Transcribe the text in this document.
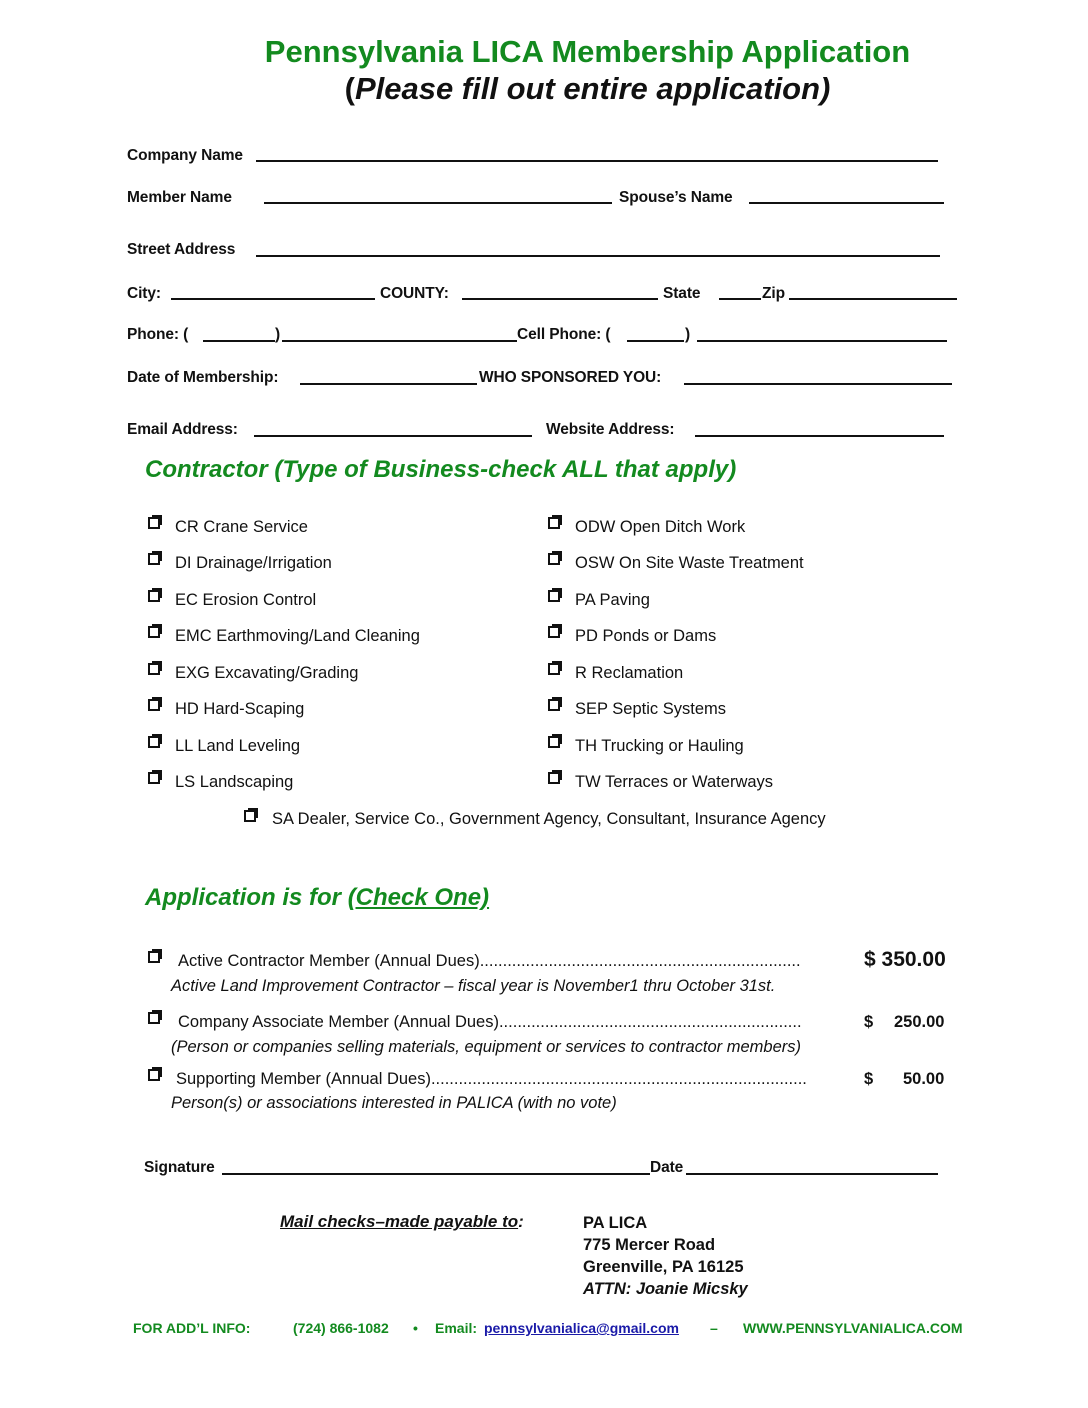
Pennsylvania LICA Membership Application
(Please fill out entire application)
Company Name
Member Name	Spouse’s Name
Street Address
City:	COUNTY:	State	Zip
Phone: (	)	Cell Phone: (	)
Date of Membership:	WHO SPONSORED YOU:
Email Address:	Website Address:
Contractor (Type of Business-check ALL that apply)
CR Crane Service
DI Drainage/Irrigation
EC Erosion Control
EMC Earthmoving/Land Cleaning
EXG Excavating/Grading
HD Hard-Scaping
LL Land Leveling
LS Landscaping
ODW Open Ditch Work
OSW On Site Waste Treatment
PA Paving
PD Ponds or Dams
R Reclamation
SEP Septic Systems
TH Trucking or Hauling
TW Terraces or Waterways
SA Dealer, Service Co., Government Agency, Consultant, Insurance Agency
Application is for (Check One)
Active Contractor Member (Annual Dues)......................................................................	$ 350.00
Active Land Improvement Contractor – fiscal year is November1 thru October 31st.
Company Associate Member (Annual Dues)..................................................................	$ 250.00
(Person or companies selling materials, equipment or services to contractor members)
Supporting Member (Annual Dues)..................................................................................	$ 50.00
Person(s) or associations interested in PALICA (with no vote)
Signature	Date
Mail checks–made payable to:	PA LICA
775 Mercer Road
Greenville, PA 16125
ATTN: Joanie Micsky
FOR ADD’L INFO:	(724) 866-1082 • Email: pennsylvanialica@gmail.com – WWW.PENNSYLVANIALICA.COM
